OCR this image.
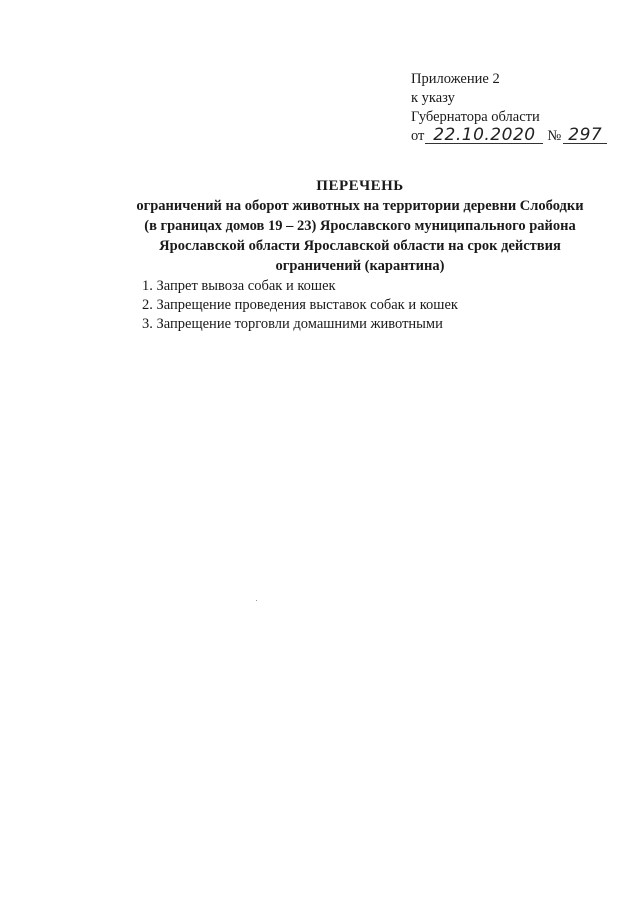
Приложение 2
к указу
Губернатора области
от 22.10.2020 № 297
ПЕРЕЧЕНЬ
ограничений на оборот животных на территории деревни Слободки
(в границах домов 19 – 23) Ярославского муниципального района
Ярославской области Ярославской области на срок действия
ограничений (карантина)
1. Запрет вывоза собак и кошек
2. Запрещение проведения выставок собак и кошек
3. Запрещение торговли домашними животными
